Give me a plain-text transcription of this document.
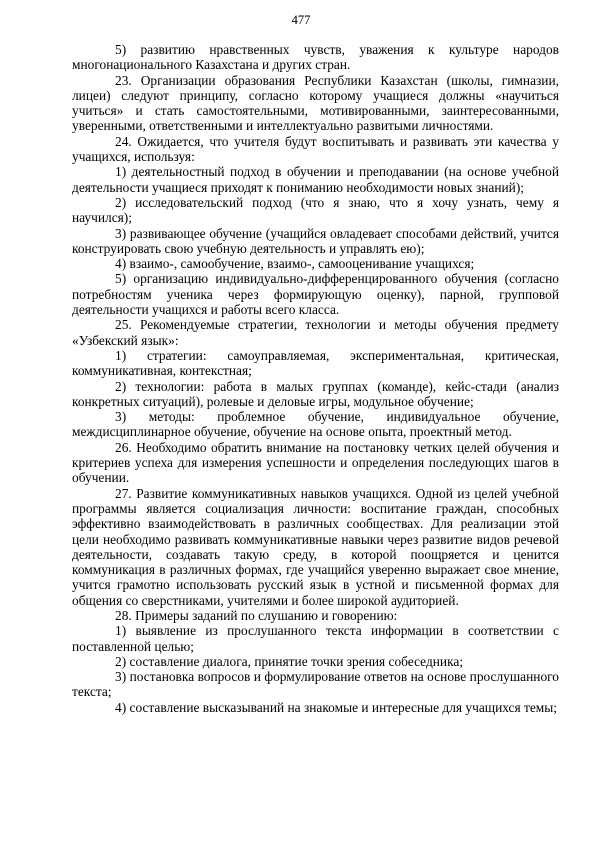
477

5) развитию нравственных чувств, уважения к культуре народов многонационального Казахстана и других стран.

23. Организации образования Республики Казахстан (школы, гимназии, лицеи) следуют принципу, согласно которому учащиеся должны «научиться учиться» и стать самостоятельными, мотивированными, заинтересованными, уверенными, ответственными и интеллектуально развитыми личностями.

24. Ожидается, что учителя будут воспитывать и развивать эти качества у учащихся, используя:

1) деятельностный подход в обучении и преподавании (на основе учебной деятельности учащиеся приходят к пониманию необходимости новых знаний);

2) исследовательский подход (что я знаю, что я хочу узнать, чему я научился);

3) развивающее обучение (учащийся овладевает способами действий, учится конструировать свою учебную деятельность и управлять ею);

4) взаимо-, самообучение, взаимо-, самооценивание учащихся;

5) организацию индивидуально-дифференцированного обучения (согласно потребностям ученика через формирующую оценку), парной, групповой деятельности учащихся и работы всего класса.

25. Рекомендуемые стратегии, технологии и методы обучения предмету «Узбекский язык»:

1) стратегии: самоуправляемая, экспериментальная, критическая, коммуникативная, контекстная;

2) технологии: работа в малых группах (команде), кейс-стади (анализ конкретных ситуаций), ролевые и деловые игры, модульное обучение;

3) методы: проблемное обучение, индивидуальное обучение, междисциплинарное обучение, обучение на основе опыта, проектный метод.

26. Необходимо обратить внимание на постановку четких целей обучения и критериев успеха для измерения успешности и определения последующих шагов в обучении.

27. Развитие коммуникативных навыков учащихся. Одной из целей учебной программы является социализация личности: воспитание граждан, способных эффективно взаимодействовать в различных сообществах. Для реализации этой цели необходимо развивать коммуникативные навыки через развитие видов речевой деятельности, создавать такую среду, в которой поощряется и ценится коммуникация в различных формах, где учащийся уверенно выражает свое мнение, учится грамотно использовать русский язык в устной и письменной формах для общения со сверстниками, учителями и более широкой аудиторией.

28. Примеры заданий по слушанию и говорению:

1) выявление из прослушанного текста информации в соответствии с поставленной целью;

2) составление диалога, принятие точки зрения собеседника;

3) постановка вопросов и формулирование ответов на основе прослушанного текста;

4) составление высказываний на знакомые и интересные для учащихся темы;
